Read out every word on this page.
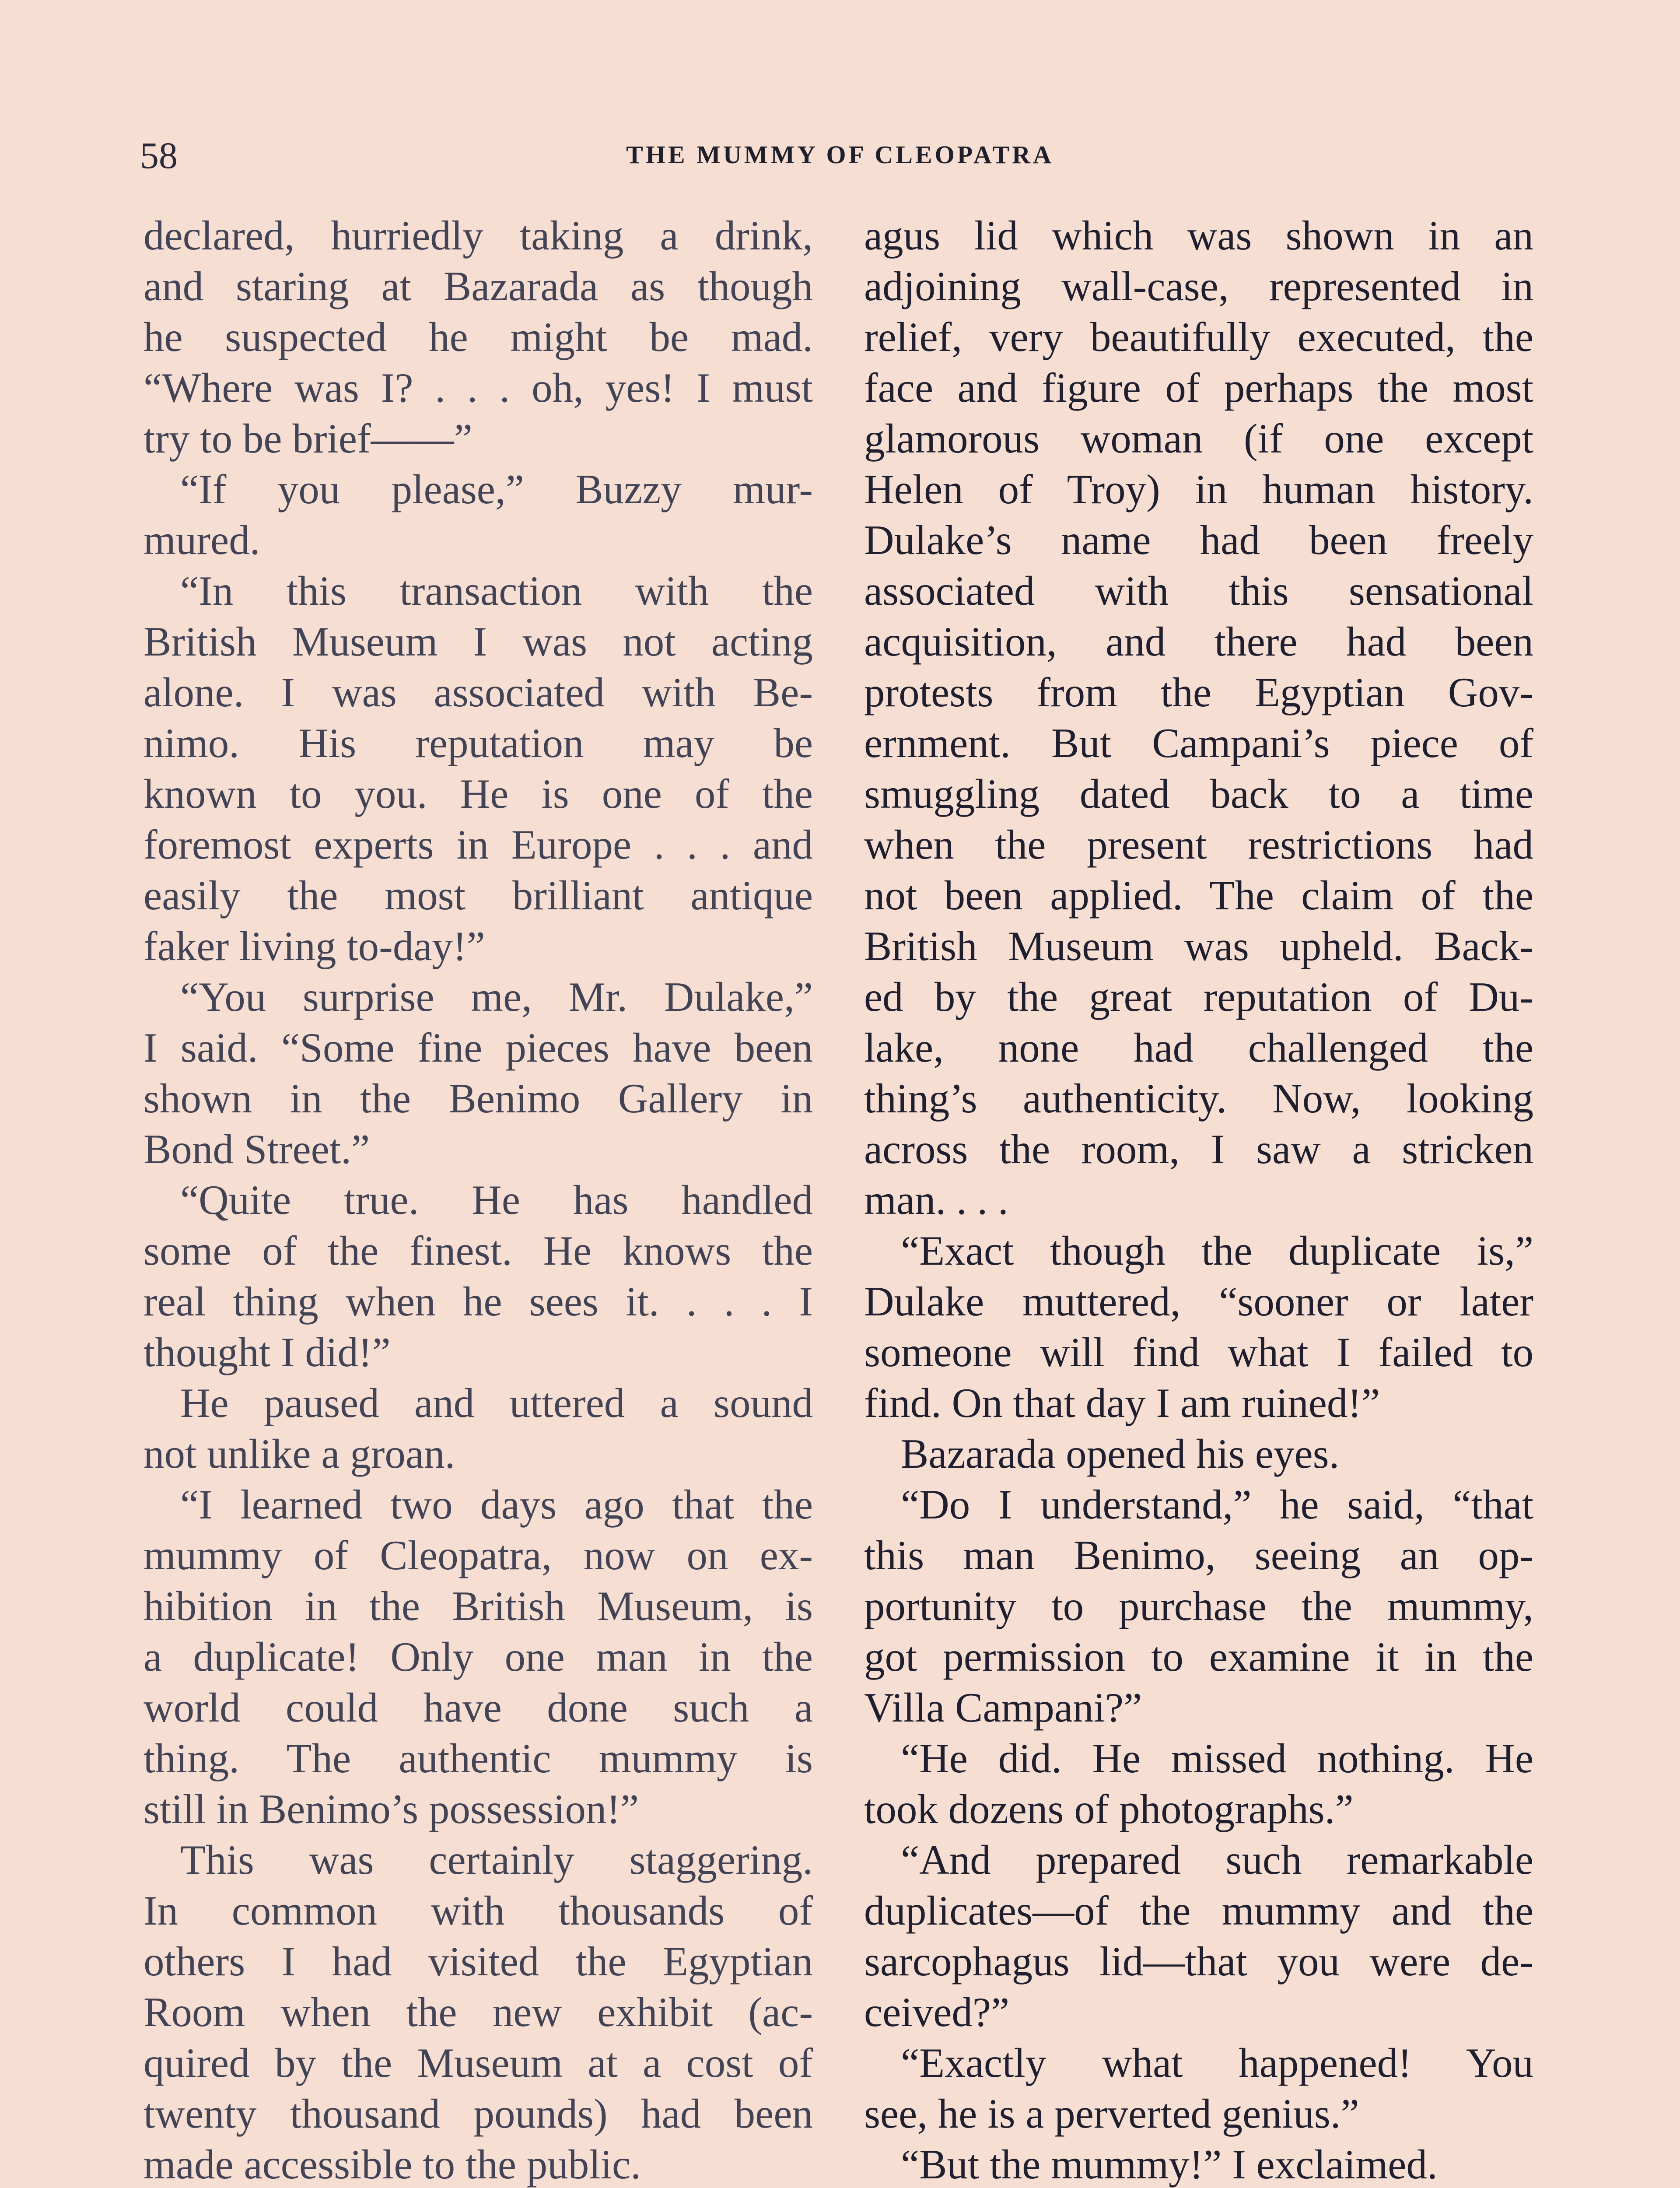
58	THE MUMMY OF CLEOPATRA
declared, hurriedly taking a drink,
and staring at Bazarada as though
he suspected he might be mad.
“Where was I? . . . oh, yes! I must
try to be brief——”
“If you please,” Buzzy mur-
mured.
“In this transaction with the
British Museum I was not acting
alone. I was associated with Be-
nimo. His reputation may be
known to you. He is one of the
foremost experts in Europe . . . and
easily the most brilliant antique
faker living to-day!”
“You surprise me, Mr. Dulake,”
I said. “Some fine pieces have been
shown in the Benimo Gallery in
Bond Street.”
“Quite true. He has handled
some of the finest. He knows the
real thing when he sees it. . . . I
thought I did!”
He paused and uttered a sound
not unlike a groan.
“I learned two days ago that the
mummy of Cleopatra, now on ex-
hibition in the British Museum, is
a duplicate! Only one man in the
world could have done such a
thing. The authentic mummy is
still in Benimo’s possession!”
This was certainly staggering.
In common with thousands of
others I had visited the Egyptian
Room when the new exhibit (ac-
quired by the Museum at a cost of
twenty thousand pounds) had been
made accessible to the public.
agus lid which was shown in an
adjoining wall-case, represented in
relief, very beautifully executed, the
face and figure of perhaps the most
glamorous woman (if one except
Helen of Troy) in human history.
Dulake’s name had been freely
associated with this sensational
acquisition, and there had been
protests from the Egyptian Gov-
ernment. But Campani’s piece of
smuggling dated back to a time
when the present restrictions had
not been applied. The claim of the
British Museum was upheld. Back-
ed by the great reputation of Du-
lake, none had challenged the
thing’s authenticity. Now, looking
across the room, I saw a stricken
man. . . .
“Exact though the duplicate is,”
Dulake muttered, “sooner or later
someone will find what I failed to
find. On that day I am ruined!”
Bazarada opened his eyes.
“Do I understand,” he said, “that
this man Benimo, seeing an op-
portunity to purchase the mummy,
got permission to examine it in the
Villa Campani?”
“He did. He missed nothing. He
took dozens of photographs.”
“And prepared such remarkable
duplicates—of the mummy and the
sarcophagus lid—that you were de-
ceived?”
“Exactly what happened! You
see, he is a perverted genius.”
“But the mummy!” I exclaimed.
